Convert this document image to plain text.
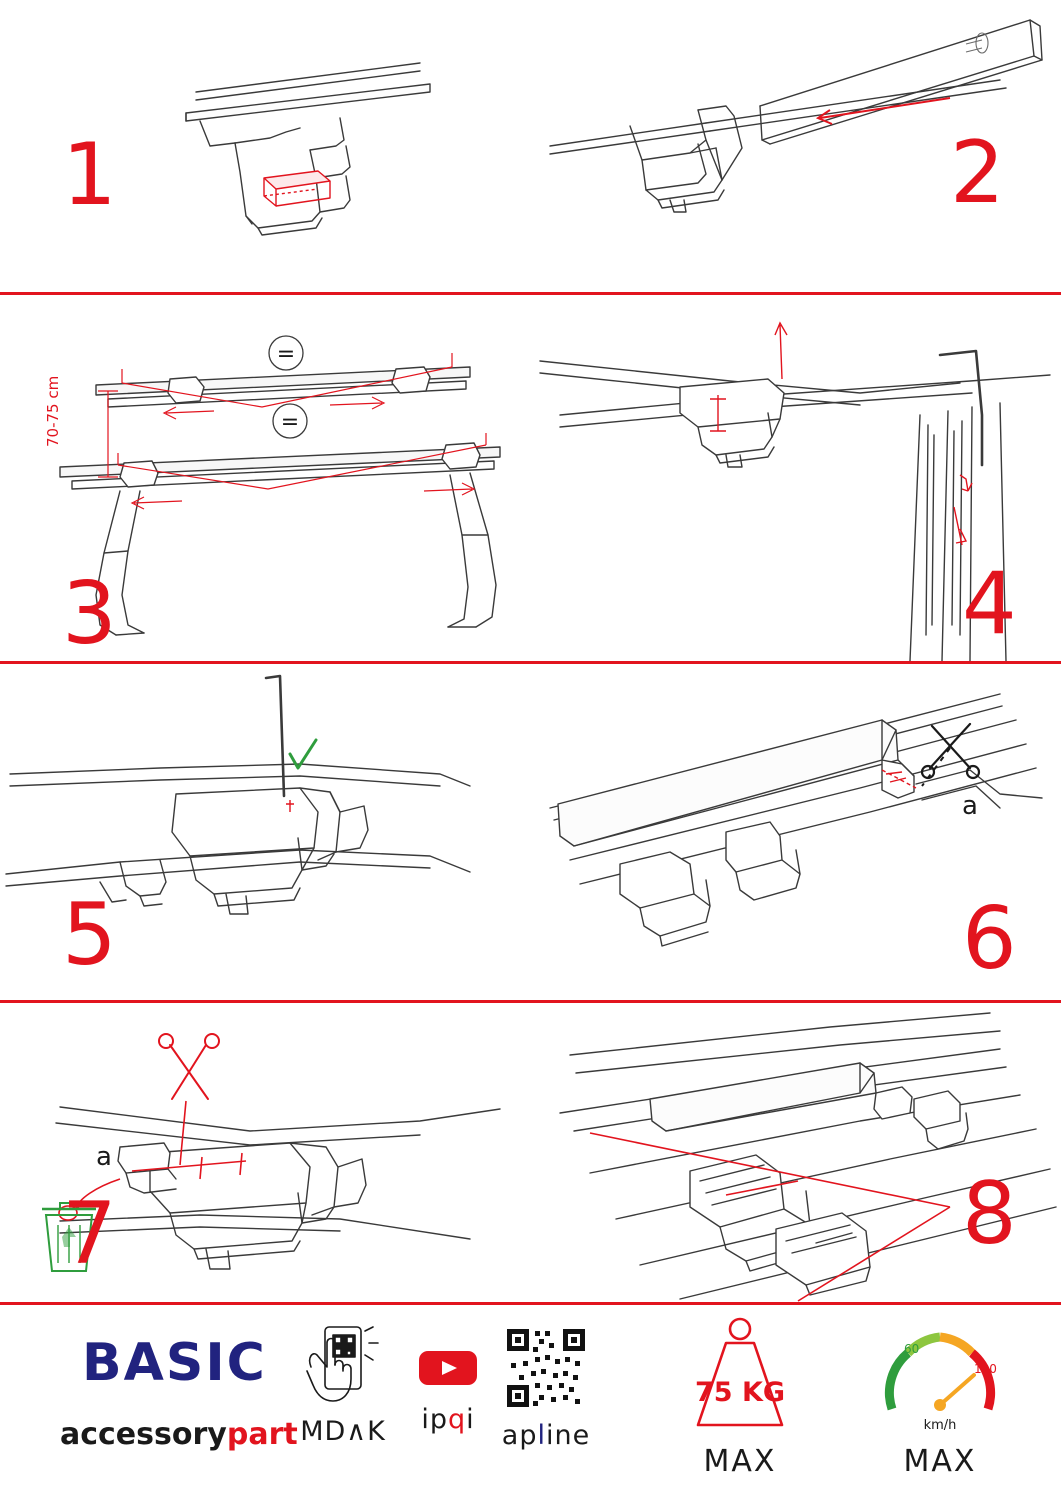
1	2
=
=
70-75 cm
3	4
5
a
6
a
7	8
BASIC
accessorypart MD∧K	ipqi
apline
75 KG
MAX
60
120
km/h
MAX
